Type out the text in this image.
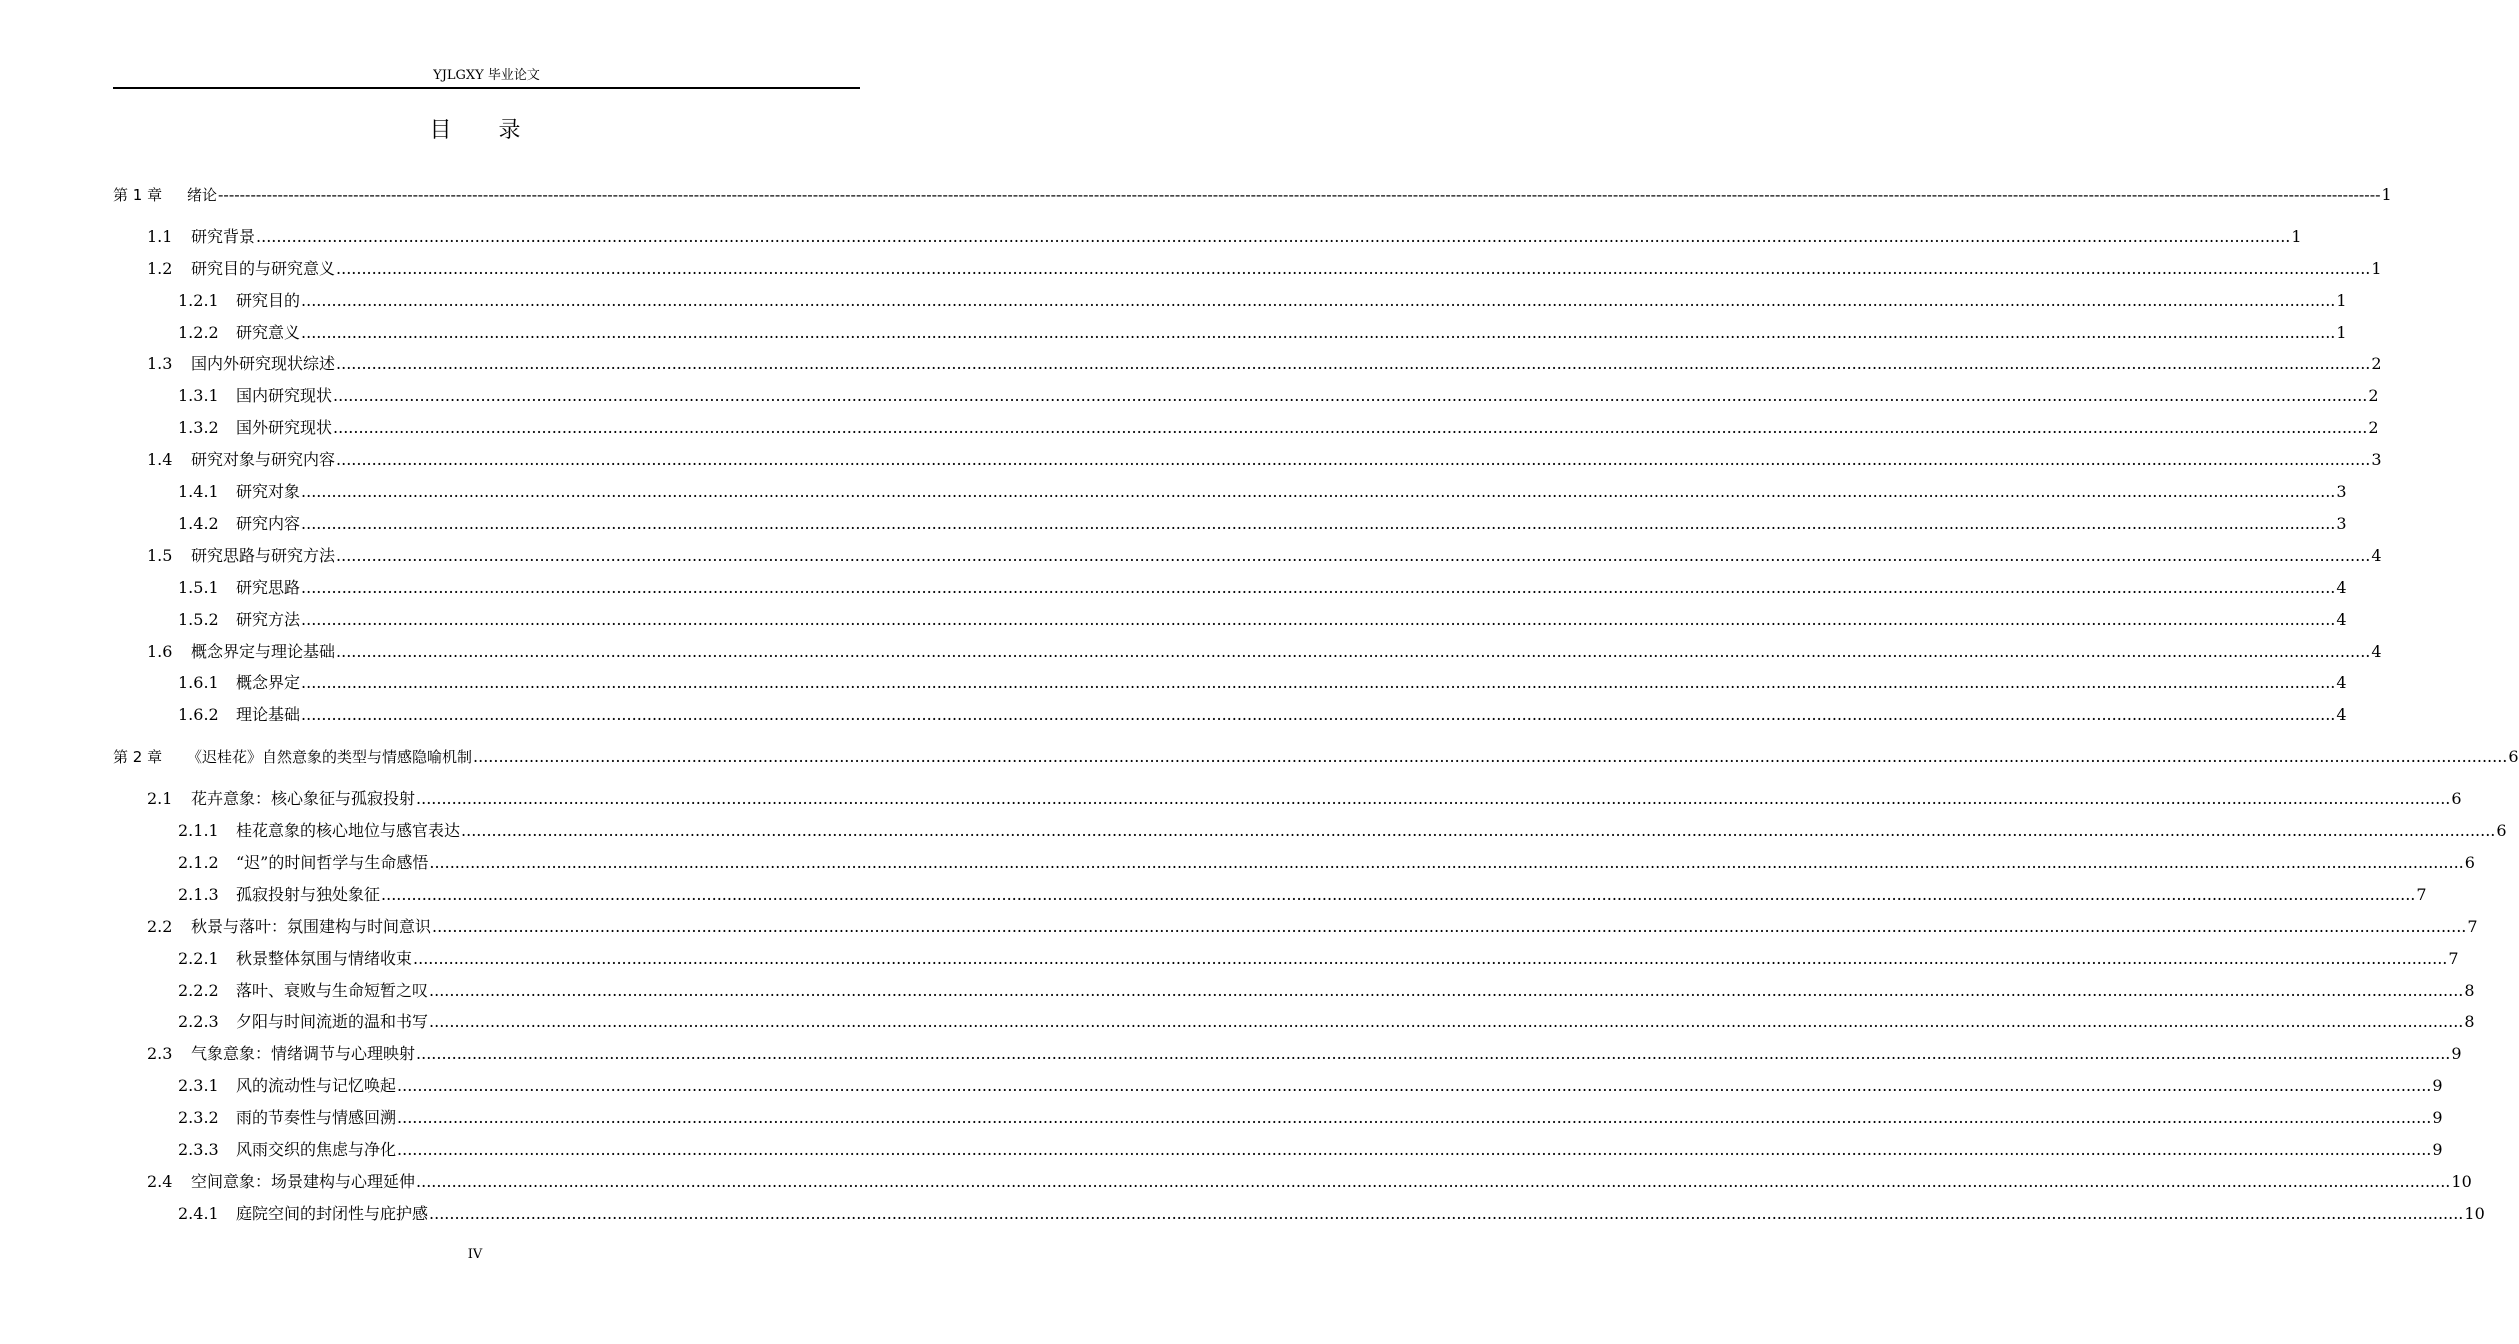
YJLGXY 毕业论文
目 录
第 1 章	绪论 ---------------------------------------------------------------------------------------------------------------------------------------------------------------------------------------------------------------------------------------------------------------------------------------------------------------------------------------------------------------------------------------------------------------- 1
1.1	研究背景 ................................................................................................................................................................................................................................................................................................................................................................................................................ 1
1.2	研究目的与研究意义 ................................................................................................................................................................................................................................................................................................................................................................................................................ 1
1.2.1	研究目的 ................................................................................................................................................................................................................................................................................................................................................................................................................ 1
1.2.2	研究意义 ................................................................................................................................................................................................................................................................................................................................................................................................................ 1
1.3	国内外研究现状综述 ................................................................................................................................................................................................................................................................................................................................................................................................................ 2
1.3.1	国内研究现状 ................................................................................................................................................................................................................................................................................................................................................................................................................ 2
1.3.2	国外研究现状 ................................................................................................................................................................................................................................................................................................................................................................................................................ 2
1.4	研究对象与研究内容 ................................................................................................................................................................................................................................................................................................................................................................................................................ 3
1.4.1	研究对象 ................................................................................................................................................................................................................................................................................................................................................................................................................ 3
1.4.2	研究内容 ................................................................................................................................................................................................................................................................................................................................................................................................................ 3
1.5	研究思路与研究方法 ................................................................................................................................................................................................................................................................................................................................................................................................................ 4
1.5.1	研究思路 ................................................................................................................................................................................................................................................................................................................................................................................................................ 4
1.5.2	研究方法 ................................................................................................................................................................................................................................................................................................................................................................................................................ 4
1.6	概念界定与理论基础 ................................................................................................................................................................................................................................................................................................................................................................................................................ 4
1.6.1	概念界定 ................................................................................................................................................................................................................................................................................................................................................................................................................ 4
1.6.2	理论基础 ................................................................................................................................................................................................................................................................................................................................................................................................................ 4
第 2 章	《迟桂花》自然意象的类型与情感隐喻机制 ................................................................................................................................................................................................................................................................................................................................................................................................................ 6
2.1	花卉意象：核心象征与孤寂投射 ................................................................................................................................................................................................................................................................................................................................................................................................................ 6
2.1.1	桂花意象的核心地位与感官表达 ................................................................................................................................................................................................................................................................................................................................................................................................................ 6
2.1.2	“迟”的时间哲学与生命感悟 ................................................................................................................................................................................................................................................................................................................................................................................................................ 6
2.1.3	孤寂投射与独处象征 ................................................................................................................................................................................................................................................................................................................................................................................................................ 7
2.2	秋景与落叶：氛围建构与时间意识 ................................................................................................................................................................................................................................................................................................................................................................................................................ 7
2.2.1	秋景整体氛围与情绪收束 ................................................................................................................................................................................................................................................................................................................................................................................................................ 7
2.2.2	落叶、衰败与生命短暂之叹 ................................................................................................................................................................................................................................................................................................................................................................................................................ 8
2.2.3	夕阳与时间流逝的温和书写 ................................................................................................................................................................................................................................................................................................................................................................................................................ 8
2.3	气象意象：情绪调节与心理映射 ................................................................................................................................................................................................................................................................................................................................................................................................................ 9
2.3.1	风的流动性与记忆唤起 ................................................................................................................................................................................................................................................................................................................................................................................................................ 9
2.3.2	雨的节奏性与情感回溯 ................................................................................................................................................................................................................................................................................................................................................................................................................ 9
2.3.3	风雨交织的焦虑与净化 ................................................................................................................................................................................................................................................................................................................................................................................................................ 9
2.4	空间意象：场景建构与心理延伸 ................................................................................................................................................................................................................................................................................................................................................................................................................ 10
2.4.1	庭院空间的封闭性与庇护感 ................................................................................................................................................................................................................................................................................................................................................................................................................ 10
IV
